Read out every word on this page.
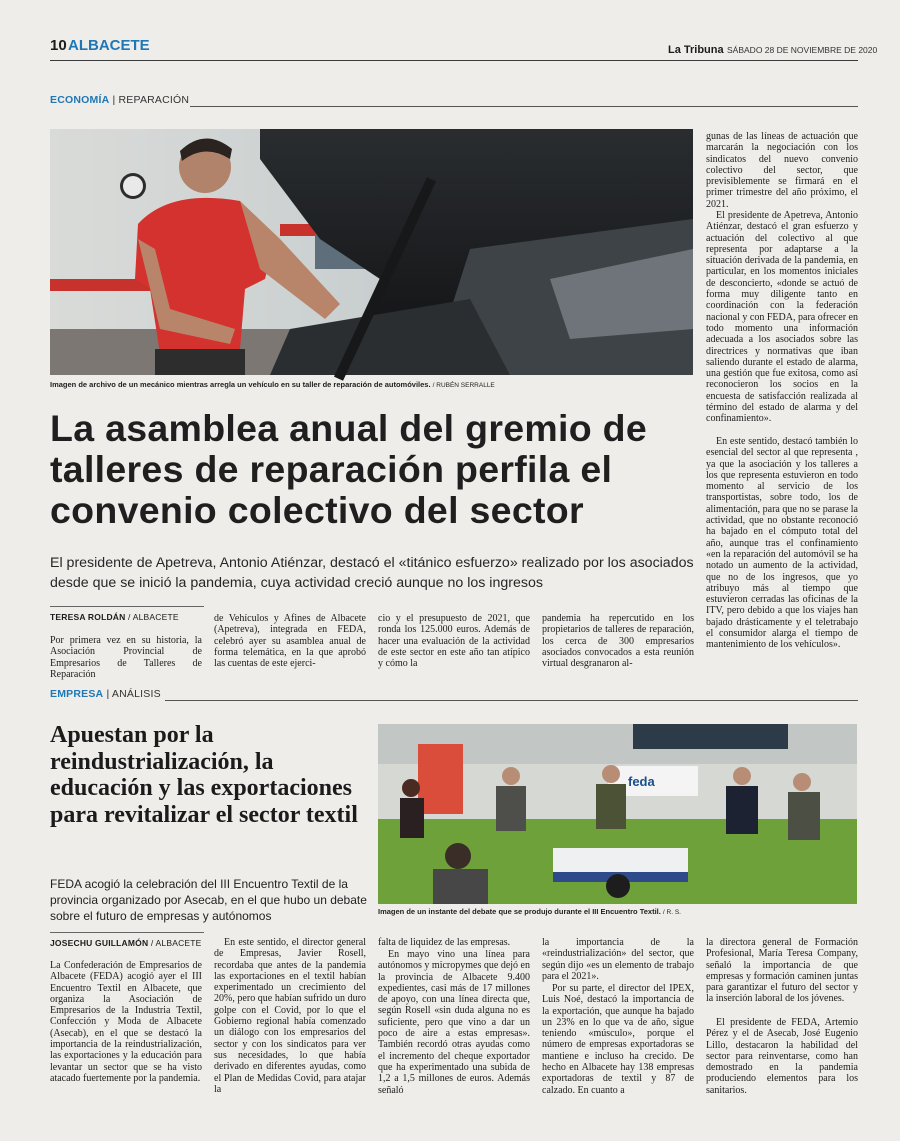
10 ALBACETE	La Tribuna SÁBADO 28 DE NOVIEMBRE DE 2020
ECONOMÍA | REPARACIÓN
Imagen de archivo de un mecánico mientras arregla un vehículo en su taller de reparación de automóviles. / RUBÉN SERRALLE
La asamblea anual del gremio de talleres de reparación perfila el convenio colectivo del sector
El presidente de Apetreva, Antonio Atiénzar, destacó el «titánico esfuerzo» realizado por los asociados desde que se inició la pandemia, cuya actividad creció aunque no los ingresos
TERESA ROLDÁN / ALBACETE
Por primera vez en su historia, la Asociación Provincial de Empresarios de Talleres de Reparación
de Vehículos y Afines de Albacete (Apetreva), integrada en FEDA, celebró ayer su asamblea anual de forma telemática, en la que aprobó las cuentas de este ejerci-
cio y el presupuesto de 2021, que ronda los 125.000 euros. Además de hacer una evaluación de la actividad de este sector en este año tan atípico y cómo la
pandemia ha repercutido en los propietarios de talleres de reparación, los cerca de 300 empresarios asociados convocados a esta reunión virtual desgranaron al-
gunas de las líneas de actuación que marcarán la negociación con los sindicatos del nuevo convenio colectivo del sector, que previsiblemente se firmará en el primer trimestre del año próximo, el 2021.
El presidente de Apetreva, Antonio Atiénzar, destacó el gran esfuerzo y actuación del colectivo al que representa por adaptarse a la situación derivada de la pandemia, en particular, en los momentos iniciales de desconcierto, «donde se actuó de forma muy diligente tanto en coordinación con la federación nacional y con FEDA, para ofrecer en todo momento una información adecuada a los asociados sobre las directrices y normativas que iban saliendo durante el estado de alarma, una gestión que fue exitosa, como así reconocieron los socios en la encuesta de satisfacción realizada al término del estado de alarma y del confinamiento».
En este sentido, destacó también lo esencial del sector al que representa , ya que la asociación y los talleres a los que representa estuvieron en todo momento al servicio de los transportistas, sobre todo, los de alimentación, para que no se parase la actividad, que no obstante reconoció ha bajado en el cómputo total del año, aunque tras el confinamiento «en la reparación del automóvil se ha notado un aumento de la actividad, que no de los ingresos, que yo atribuyo más al tiempo que estuvieron cerradas las oficinas de la ITV, pero debido a que los viajes han bajado drásticamente y el teletrabajo el consumidor alarga el tiempo de mantenimiento de los vehículos».
EMPRESA | ANÁLISIS
Apuestan por la reindustrialización, la educación y las exportaciones para revitalizar el sector textil
FEDA acogió la celebración del III Encuentro Textil de la provincia organizado por Asecab, en el que hubo un debate sobre el futuro de empresas y autónomos
feda
Imagen de un instante del debate que se produjo durante el III Encuentro Textil. / R. S.
JOSECHU GUILLAMÓN / ALBACETE
La Confederación de Empresarios de Albacete (FEDA) acogió ayer el III Encuentro Textil en Albacete, que organiza la Asociación de Empresarios de la Industria Textil, Confección y Moda de Albacete (Asecab), en el que se destacó la importancia de la reindustrialización, las exportaciones y la educación para levantar un sector que se ha visto atacado fuertemente por la pandemia.
En este sentido, el director general de Empresas, Javier Rosell, recordaba que antes de la pandemia las exportaciones en el textil habían experimentado un crecimiento del 20%, pero que habían sufrido un duro golpe con el Covid, por lo que el Gobierno regional había comenzado un diálogo con los empresarios del sector y con los sindicatos para ver sus necesidades, lo que había derivado en diferentes ayudas, como el Plan de Medidas Covid, para atajar la
falta de liquidez de las empresas.
En mayo vino una línea para autónomos y micropymes que dejó en la provincia de Albacete 9.400 expedientes, casi más de 17 millones de apoyo, con una línea directa que, según Rosell «sin duda alguna no es suficiente, pero que vino a dar un poco de aire a estas empresas». También recordó otras ayudas como el incremento del cheque exportador que ha experimentado una subida de 1,2 a 1,5 millones de euros. Además señaló
la importancia de la «reindustrialización» del sector, que según dijo «es un elemento de trabajo para el 2021».
Por su parte, el director del IPEX, Luis Noé, destacó la importancia de la exportación, que aunque ha bajado un 23% en lo que va de año, sigue teniendo «músculo», porque el número de empresas exportadoras se mantiene e incluso ha crecido. De hecho en Albacete hay 138 empresas exportadoras de textil y 87 de calzado. En cuanto a
la directora general de Formación Profesional, María Teresa Company, señaló la importancia de que empresas y formación caminen juntas para garantizar el futuro del sector y la inserción laboral de los jóvenes.
El presidente de FEDA, Artemio Pérez y el de Asecab, José Eugenio Lillo, destacaron la habilidad del sector para reinventarse, como han demostrado en la pandemia produciendo elementos para los sanitarios.
